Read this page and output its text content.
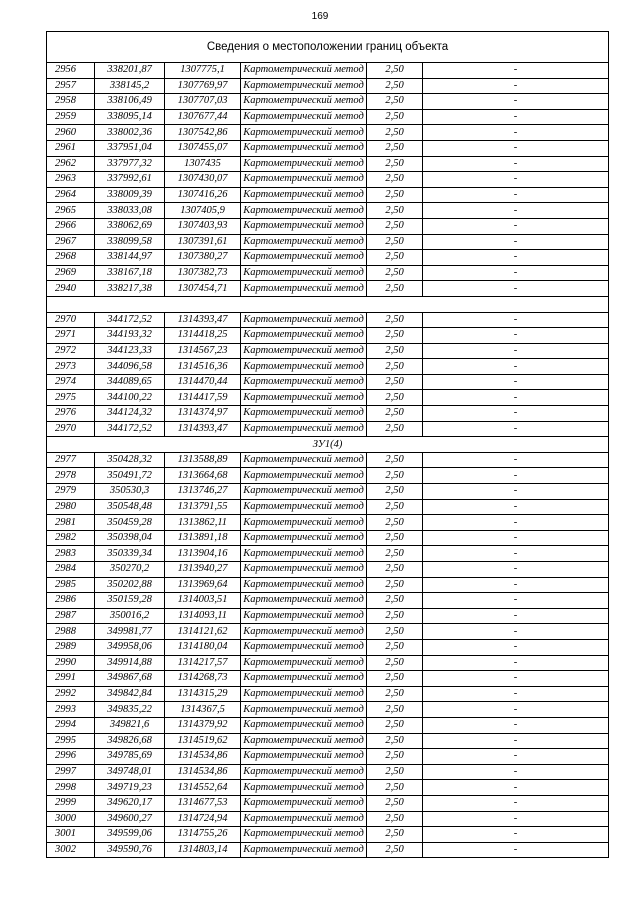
169
Сведения о местоположении границ объекта					
2956	338201,87	1307775,1	Картометрический метод	2,50	-
2957	338145,2	1307769,97	Картометрический метод	2,50	-
2958	338106,49	1307707,03	Картометрический метод	2,50	-
2959	338095,14	1307677,44	Картометрический метод	2,50	-
2960	338002,36	1307542,86	Картометрический метод	2,50	-
2961	337951,04	1307455,07	Картометрический метод	2,50	-
2962	337977,32	1307435	Картометрический метод	2,50	-
2963	337992,61	1307430,07	Картометрический метод	2,50	-
2964	338009,39	1307416,26	Картометрический метод	2,50	-
2965	338033,08	1307405,9	Картометрический метод	2,50	-
2966	338062,69	1307403,93	Картометрический метод	2,50	-
2967	338099,58	1307391,61	Картометрический метод	2,50	-
2968	338144,97	1307380,27	Картометрический метод	2,50	-
2969	338167,18	1307382,73	Картометрический метод	2,50	-
2940	338217,38	1307454,71	Картометрический метод	2,50	-

2970	344172,52	1314393,47	Картометрический метод	2,50	-
2971	344193,32	1314418,25	Картометрический метод	2,50	-
2972	344123,33	1314567,23	Картометрический метод	2,50	-
2973	344096,58	1314516,36	Картометрический метод	2,50	-
2974	344089,65	1314470,44	Картометрический метод	2,50	-
2975	344100,22	1314417,59	Картометрический метод	2,50	-
2976	344124,32	1314374,97	Картометрический метод	2,50	-
2970	344172,52	1314393,47	Картометрический метод	2,50	-
ЗУ1(4)					
2977	350428,32	1313588,89	Картометрический метод	2,50	-
2978	350491,72	1313664,68	Картометрический метод	2,50	-
2979	350530,3	1313746,27	Картометрический метод	2,50	-
2980	350548,48	1313791,55	Картометрический метод	2,50	-
2981	350459,28	1313862,11	Картометрический метод	2,50	-
2982	350398,04	1313891,18	Картометрический метод	2,50	-
2983	350339,34	1313904,16	Картометрический метод	2,50	-
2984	350270,2	1313940,27	Картометрический метод	2,50	-
2985	350202,88	1313969,64	Картометрический метод	2,50	-
2986	350159,28	1314003,51	Картометрический метод	2,50	-
2987	350016,2	1314093,11	Картометрический метод	2,50	-
2988	349981,77	1314121,62	Картометрический метод	2,50	-
2989	349958,06	1314180,04	Картометрический метод	2,50	-
2990	349914,88	1314217,57	Картометрический метод	2,50	-
2991	349867,68	1314268,73	Картометрический метод	2,50	-
2992	349842,84	1314315,29	Картометрический метод	2,50	-
2993	349835,22	1314367,5	Картометрический метод	2,50	-
2994	349821,6	1314379,92	Картометрический метод	2,50	-
2995	349826,68	1314519,62	Картометрический метод	2,50	-
2996	349785,69	1314534,86	Картометрический метод	2,50	-
2997	349748,01	1314534,86	Картометрический метод	2,50	-
2998	349719,23	1314552,64	Картометрический метод	2,50	-
2999	349620,17	1314677,53	Картометрический метод	2,50	-
3000	349600,27	1314724,94	Картометрический метод	2,50	-
3001	349599,06	1314755,26	Картометрический метод	2,50	-
3002	349590,76	1314803,14	Картометрический метод	2,50	-
